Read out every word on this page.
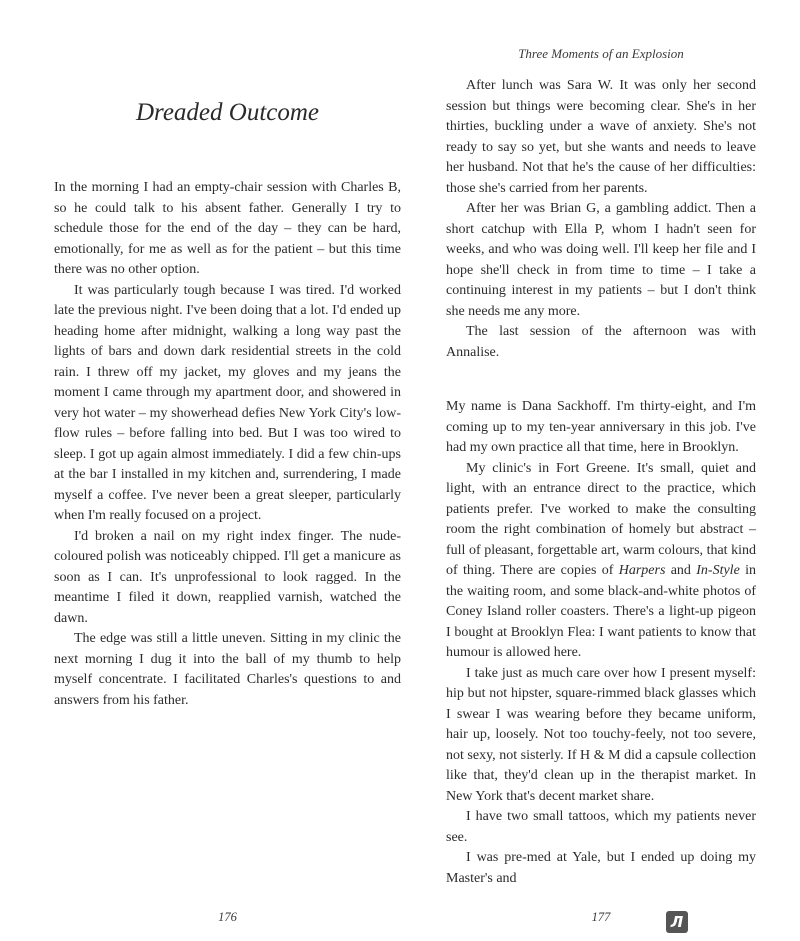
Dreaded Outcome

In the morning I had an empty-chair session with Charles B, so he could talk to his absent father. Generally I try to schedule those for the end of the day – they can be hard, emotionally, for me as well as for the patient – but this time there was no other option.

It was particularly tough because I was tired. I'd worked late the previous night. I've been doing that a lot. I'd ended up heading home after midnight, walking a long way past the lights of bars and down dark residential streets in the cold rain. I threw off my jacket, my gloves and my jeans the moment I came through my apartment door, and showered in very hot water – my showerhead defies New York City's low-flow rules – before falling into bed. But I was too wired to sleep. I got up again almost immediately. I did a few chin-ups at the bar I installed in my kitchen and, surrendering, I made myself a coffee. I've never been a great sleeper, particularly when I'm really focused on a project.

I'd broken a nail on my right index finger. The nude-coloured polish was noticeably chipped. I'll get a manicure as soon as I can. It's unprofessional to look ragged. In the meantime I filed it down, reapplied varnish, watched the dawn.

The edge was still a little uneven. Sitting in my clinic the next morning I dug it into the ball of my thumb to help myself concentrate. I facilitated Charles's questions to and answers from his father.

176
Three Moments of an Explosion

After lunch was Sara W. It was only her second session but things were becoming clear. She's in her thirties, buckling under a wave of anxiety. She's not ready to say so yet, but she wants and needs to leave her husband. Not that he's the cause of her difficulties: those she's carried from her parents.

After her was Brian G, a gambling addict. Then a short catchup with Ella P, whom I hadn't seen for weeks, and who was doing well. I'll keep her file and I hope she'll check in from time to time – I take a continuing interest in my patients – but I don't think she needs me any more.

The last session of the afternoon was with Annalise.

My name is Dana Sackhoff. I'm thirty-eight, and I'm coming up to my ten-year anniversary in this job. I've had my own practice all that time, here in Brooklyn.

My clinic's in Fort Greene. It's small, quiet and light, with an entrance direct to the practice, which patients prefer. I've worked to make the consulting room the right combination of homely but abstract – full of pleasant, forgettable art, warm colours, that kind of thing. There are copies of Harpers and In-Style in the waiting room, and some black-and-white photos of Coney Island roller coasters. There's a light-up pigeon I bought at Brooklyn Flea: I want patients to know that humour is allowed here.

I take just as much care over how I present myself: hip but not hipster, square-rimmed black glasses which I swear I was wearing before they became uniform, hair up, loosely. Not too touchy-feely, not too severe, not sexy, not sisterly. If H & M did a capsule collection like that, they'd clean up in the therapist market. In New York that's decent market share.

I have two small tattoos, which my patients never see.

I was pre-med at Yale, but I ended up doing my Master's and

177	Л
